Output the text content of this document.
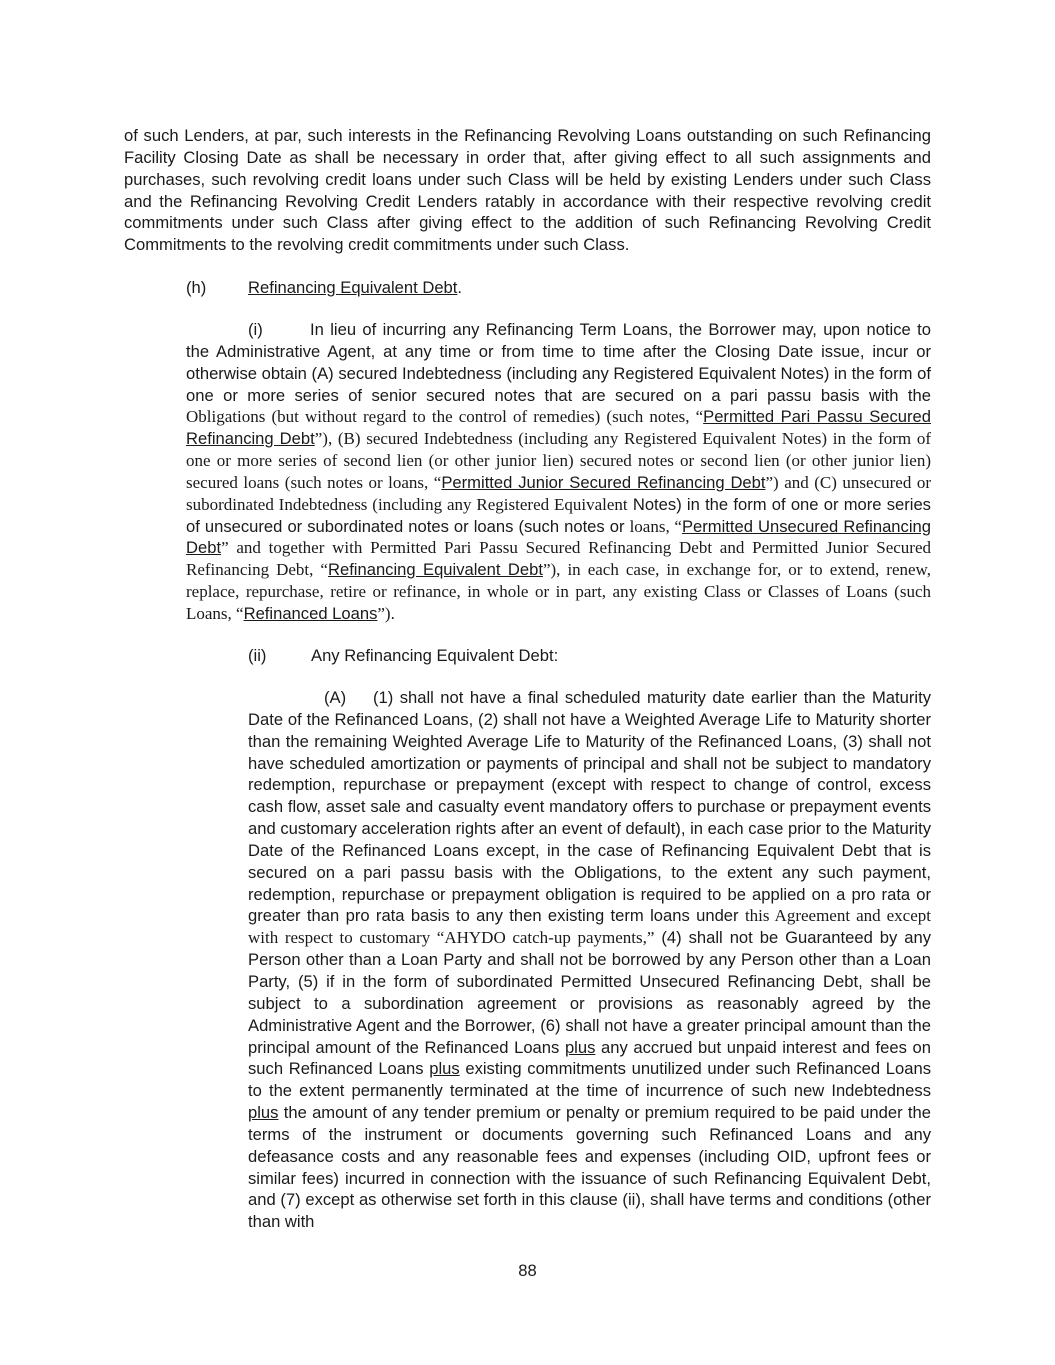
of such Lenders, at par, such interests in the Refinancing Revolving Loans outstanding on such Refinancing Facility Closing Date as shall be necessary in order that, after giving effect to all such assignments and purchases, such revolving credit loans under such Class will be held by existing Lenders under such Class and the Refinancing Revolving Credit Lenders ratably in accordance with their respective revolving credit commitments under such Class after giving effect to the addition of such Refinancing Revolving Credit Commitments to the revolving credit commitments under such Class.

(h)	Refinancing Equivalent Debt.

(i)	In lieu of incurring any Refinancing Term Loans, the Borrower may, upon notice to the Administrative Agent, at any time or from time to time after the Closing Date issue, incur or otherwise obtain (A) secured Indebtedness (including any Registered Equivalent Notes) in the form of one or more series of senior secured notes that are secured on a pari passu basis with the Obligations (but without regard to the control of remedies) (such notes, “Permitted Pari Passu Secured Refinancing Debt”), (B) secured Indebtedness (including any Registered Equivalent Notes) in the form of one or more series of second lien (or other junior lien) secured notes or second lien (or other junior lien) secured loans (such notes or loans, “Permitted Junior Secured Refinancing Debt”) and (C) unsecured or subordinated Indebtedness (including any Registered Equivalent Notes) in the form of one or more series of unsecured or subordinated notes or loans (such notes or loans, “Permitted Unsecured Refinancing Debt” and together with Permitted Pari Passu Secured Refinancing Debt and Permitted Junior Secured Refinancing Debt, “Refinancing Equivalent Debt”), in each case, in exchange for, or to extend, renew, replace, repurchase, retire or refinance, in whole or in part, any existing Class or Classes of Loans (such Loans, “Refinanced Loans”).

(ii)	Any Refinancing Equivalent Debt:

(A) (1) shall not have a final scheduled maturity date earlier than the Maturity Date of the Refinanced Loans, (2) shall not have a Weighted Average Life to Maturity shorter than the remaining Weighted Average Life to Maturity of the Refinanced Loans, (3) shall not have scheduled amortization or payments of principal and shall not be subject to mandatory redemption, repurchase or prepayment (except with respect to change of control, excess cash flow, asset sale and casualty event mandatory offers to purchase or prepayment events and customary acceleration rights after an event of default), in each case prior to the Maturity Date of the Refinanced Loans except, in the case of Refinancing Equivalent Debt that is secured on a pari passu basis with the Obligations, to the extent any such payment, redemption, repurchase or prepayment obligation is required to be applied on a pro rata or greater than pro rata basis to any then existing term loans under this Agreement and except with respect to customary “AHYDO catch-up payments,” (4) shall not be Guaranteed by any Person other than a Loan Party and shall not be borrowed by any Person other than a Loan Party, (5) if in the form of subordinated Permitted Unsecured Refinancing Debt, shall be subject to a subordination agreement or provisions as reasonably agreed by the Administrative Agent and the Borrower, (6) shall not have a greater principal amount than the principal amount of the Refinanced Loans plus any accrued but unpaid interest and fees on such Refinanced Loans plus existing commitments unutilized under such Refinanced Loans to the extent permanently terminated at the time of incurrence of such new Indebtedness plus the amount of any tender premium or penalty or premium required to be paid under the terms of the instrument or documents governing such Refinanced Loans and any defeasance costs and any reasonable fees and expenses (including OID, upfront fees or similar fees) incurred in connection with the issuance of such Refinancing Equivalent Debt, and (7) except as otherwise set forth in this clause (ii), shall have terms and conditions (other than with

88
